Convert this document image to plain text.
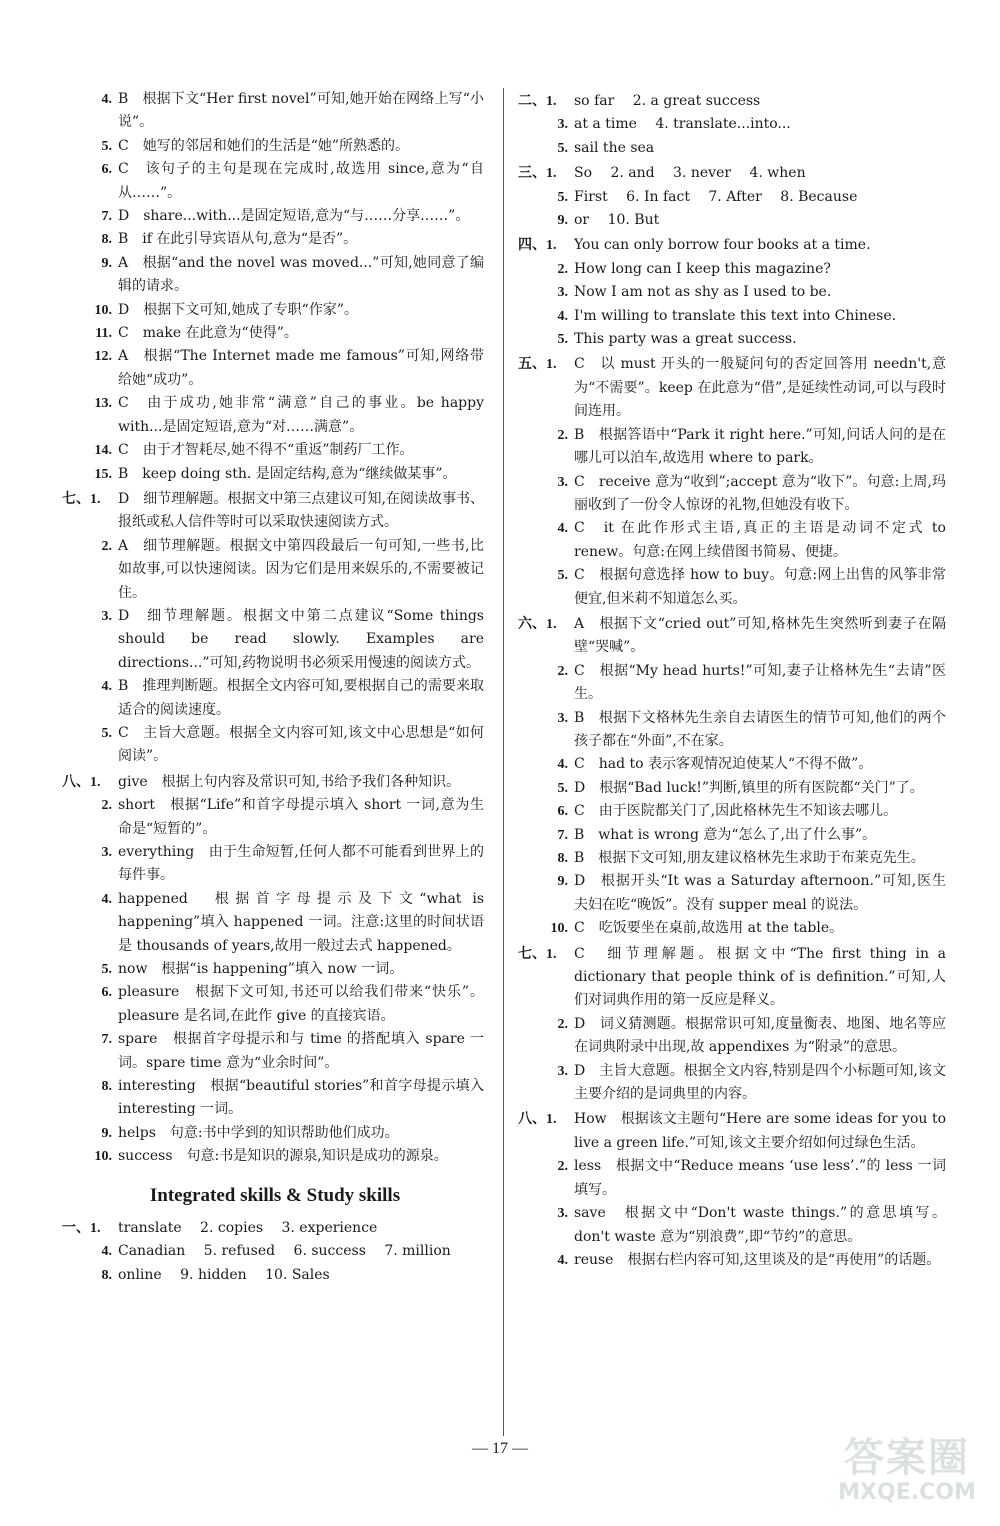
4. B　根据下文“Her first novel”可知,她开始在网络上写“小说”。

5. C　她写的邻居和她们的生活是“她”所熟悉的。

6. C　该句子的主句是现在完成时,故选用 since,意为“自从……”。

7. D　share...with...是固定短语,意为“与……分享……”。

8. B　if 在此引导宾语从句,意为“是否”。

9. A　根据“and the novel was moved...”可知,她同意了编辑的请求。

10. D　根据下文可知,她成了专职“作家”。

11. C　make 在此意为“使得”。

12. A　根据“The Internet made me famous”可知,网络带给她“成功”。

13. C　由于成功,她非常“满意”自己的事业。be happy with...是固定短语,意为“对……满意”。

14. C　由于才智耗尽,她不得不“重返”制药厂工作。

15. B　keep doing sth. 是固定结构,意为“继续做某事”。

七、1.	D　细节理解题。根据文中第三点建议可知,在阅读故事书、报纸或私人信件等时可以采取快速阅读方式。

2. A　细节理解题。根据文中第四段最后一句可知,一些书,比如故事,可以快速阅读。因为它们是用来娱乐的,不需要被记住。

3. D　细节理解题。根据文中第二点建议“Some things should be read slowly. Examples are directions...”可知,药物说明书必须采用慢速的阅读方式。

4. B　推理判断题。根据全文内容可知,要根据自己的需要来取适合的阅读速度。

5. C　主旨大意题。根据全文内容可知,该文中心思想是“如何阅读”。

八、1.	give　根据上句内容及常识可知,书给予我们各种知识。

2. short　根据“Life”和首字母提示填入 short 一词,意为生命是“短暂的”。

3. everything　由于生命短暂,任何人都不可能看到世界上的每件事。

4. happened　根据首字母提示及下文“what is happening”填入 happened 一词。注意:这里的时间状语是 thousands of years,故用一般过去式 happened。

5. now　根据“is happening”填入 now 一词。

6. pleasure　根据下文可知,书还可以给我们带来“快乐”。pleasure 是名词,在此作 give 的直接宾语。

7. spare　根据首字母提示和与 time 的搭配填入 spare 一词。spare time 意为“业余时间”。

8. interesting　根据“beautiful stories”和首字母提示填入 interesting 一词。

9. helps　句意:书中学到的知识帮助他们成功。

10. success　句意:书是知识的源泉,知识是成功的源泉。

Integrated skills & Study skills

一、1.	translate　 2. copies　 3. experience

4. Canadian　 5. refused　 6. success　 7. million

8. online　 9. hidden　 10. Sales

二、1.	so far　 2. a great success

3. at a time　 4. translate...into...

5. sail the sea

三、1.	So　 2. and　 3. never　 4. when

5. First　 6. In fact　 7. After　 8. Because

9. or　 10. But

四、1.	You can only borrow four books at a time.

2. How long can I keep this magazine?

3. Now I am not as shy as I used to be.

4. I'm willing to translate this text into Chinese.

5. This party was a great success.

五、1.	C　以 must 开头的一般疑问句的否定回答用 needn't,意为“不需要”。keep 在此意为“借”,是延续性动词,可以与段时间连用。

2. B　根据答语中“Park it right here.”可知,问话人问的是在哪儿可以泊车,故选用 where to park。

3. C　receive 意为“收到”;accept 意为“收下”。句意:上周,玛丽收到了一份令人惊讶的礼物,但她没有收下。

4. C　it 在此作形式主语,真正的主语是动词不定式 to renew。句意:在网上续借图书简易、便捷。

5. C　根据句意选择 how to buy。句意:网上出售的风筝非常便宜,但米莉不知道怎么买。

六、1.	A　根据下文“cried out”可知,格林先生突然听到妻子在隔壁“哭喊”。

2. C　根据“My head hurts!”可知,妻子让格林先生“去请”医生。

3. B　根据下文格林先生亲自去请医生的情节可知,他们的两个孩子都在“外面”,不在家。

4. C　had to 表示客观情况迫使某人“不得不做”。

5. D　根据“Bad luck!”判断,镇里的所有医院都“关门”了。

6. C　由于医院都关门了,因此格林先生不知该去哪儿。

7. B　what is wrong 意为“怎么了,出了什么事”。

8. B　根据下文可知,朋友建议格林先生求助于布莱克先生。

9. D　根据开头“It was a Saturday afternoon.”可知,医生夫妇在吃“晚饭”。没有 supper meal 的说法。

10. C　吃饭要坐在桌前,故选用 at the table。

七、1.	C　细节理解题。根据文中“The first thing in a dictionary that people think of is definition.”可知,人们对词典作用的第一反应是释义。

2. D　词义猜测题。根据常识可知,度量衡表、地图、地名等应在词典附录中出现,故 appendixes 为“附录”的意思。

3. D　主旨大意题。根据全文内容,特别是四个小标题可知,该文主要介绍的是词典里的内容。

八、1.	How　根据该文主题句“Here are some ideas for you to live a green life.”可知,该文主要介绍如何过绿色生活。

2. less　根据文中“Reduce means ‘use less’.”的 less 一词填写。

3. save　根据文中“Don't waste things.”的意思填写。don't waste 意为“别浪费”,即“节约”的意思。

4. reuse　根据右栏内容可知,这里谈及的是“再使用”的话题。

— 17 —	答案圈
MXQE.COM
